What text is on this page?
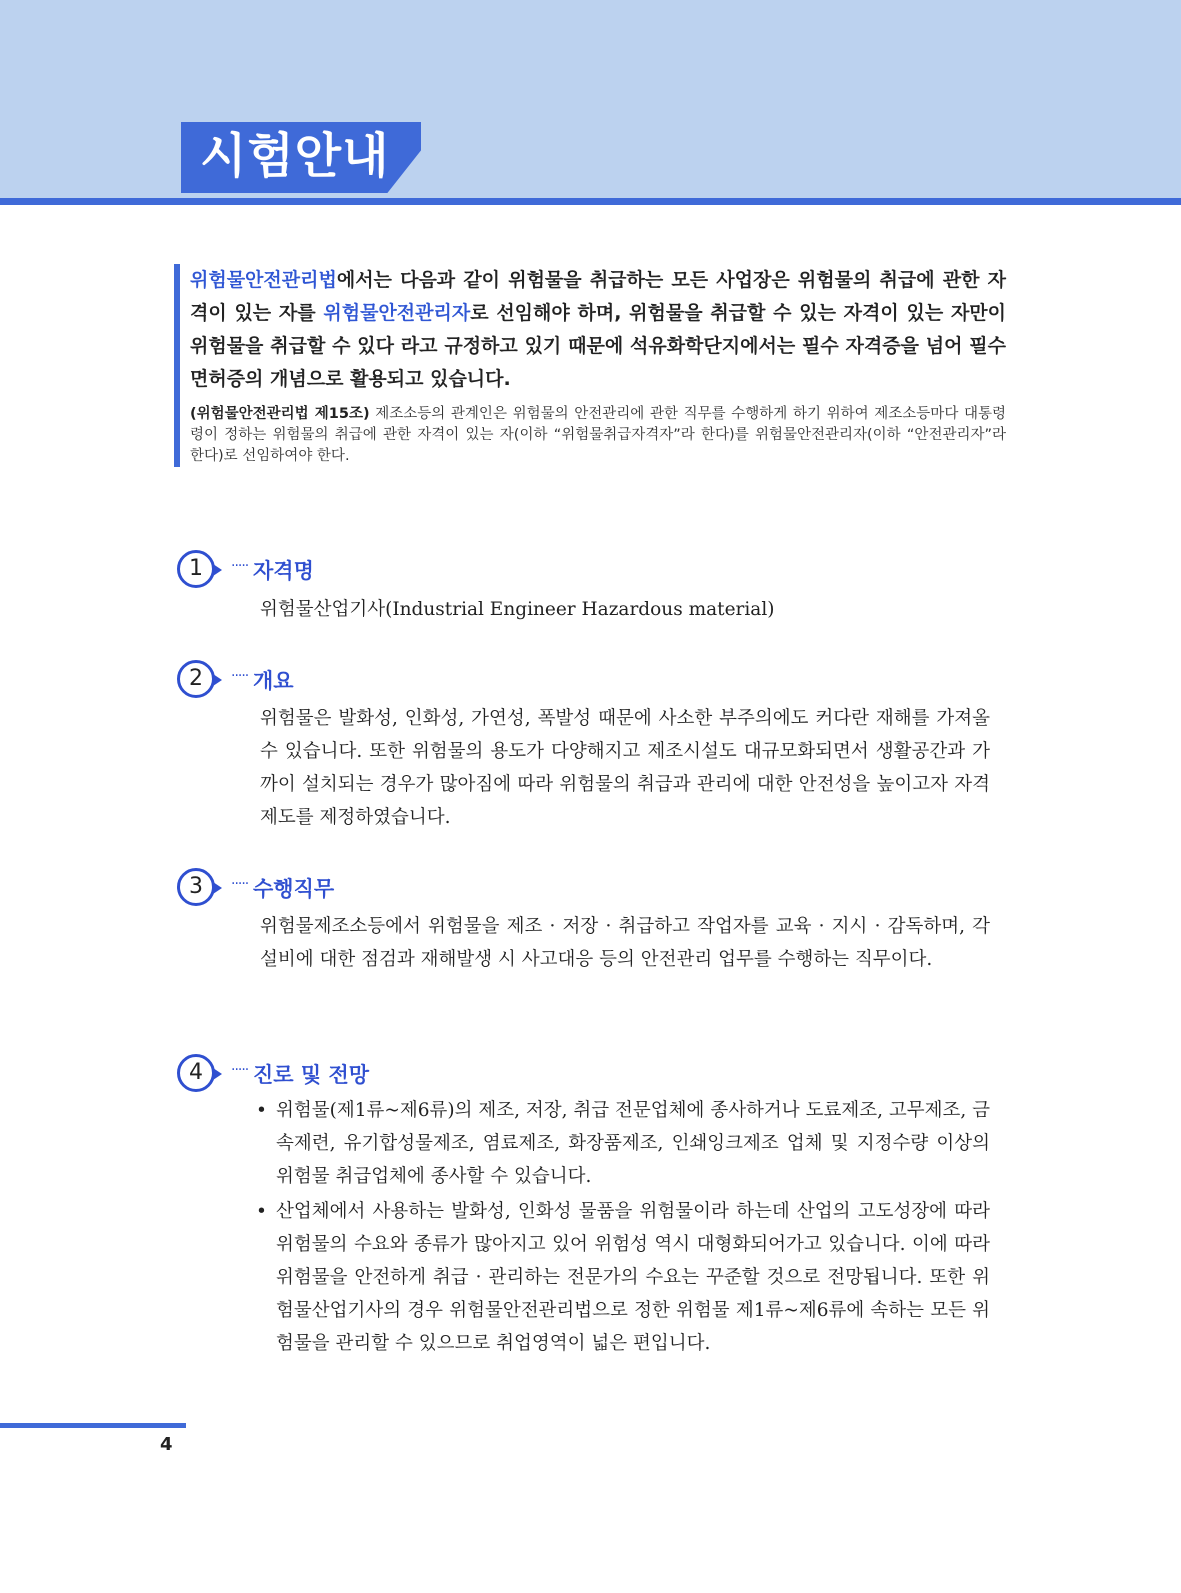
시험안내

위험물안전관리법에서는 다음과 같이 위험물을 취급하는 모든 사업장은 위험물의 취급에 관한 자격이 있는 자를 위험물안전관리자로 선임해야 하며, 위험물을 취급할 수 있는 자격이 있는 자만이 위험물을 취급할 수 있다 라고 규정하고 있기 때문에 석유화학단지에서는 필수 자격증을 넘어 필수 면허증의 개념으로 활용되고 있습니다.

(위험물안전관리법 제15조) 제조소등의 관계인은 위험물의 안전관리에 관한 직무를 수행하게 하기 위하여 제조소등마다 대통령령이 정하는 위험물의 취급에 관한 자격이 있는 자(이하 “위험물취급자격자”라 한다)를 위험물안전관리자(이하 “안전관리자”라 한다)로 선임하여야 한다.

1	····· 자격명

위험물산업기사(Industrial Engineer Hazardous material)

2	····· 개요

위험물은 발화성, 인화성, 가연성, 폭발성 때문에 사소한 부주의에도 커다란 재해를 가져올 수 있습니다. 또한 위험물의 용도가 다양해지고 제조시설도 대규모화되면서 생활공간과 가까이 설치되는 경우가 많아짐에 따라 위험물의 취급과 관리에 대한 안전성을 높이고자 자격제도를 제정하였습니다.

3	····· 수행직무

위험물제조소등에서 위험물을 제조 · 저장 · 취급하고 작업자를 교육 · 지시 · 감독하며, 각 설비에 대한 점검과 재해발생 시 사고대응 등의 안전관리 업무를 수행하는 직무이다.

4	····· 진로 및 전망
• 위험물(제1류~제6류)의 제조, 저장, 취급 전문업체에 종사하거나 도료제조, 고무제조, 금속제련, 유기합성물제조, 염료제조, 화장품제조, 인쇄잉크제조 업체 및 지정수량 이상의 위험물 취급업체에 종사할 수 있습니다.
• 산업체에서 사용하는 발화성, 인화성 물품을 위험물이라 하는데 산업의 고도성장에 따라 위험물의 수요와 종류가 많아지고 있어 위험성 역시 대형화되어가고 있습니다. 이에 따라 위험물을 안전하게 취급 · 관리하는 전문가의 수요는 꾸준할 것으로 전망됩니다. 또한 위험물산업기사의 경우 위험물안전관리법으로 정한 위험물 제1류~제6류에 속하는 모든 위험물을 관리할 수 있으므로 취업영역이 넓은 편입니다.
4
